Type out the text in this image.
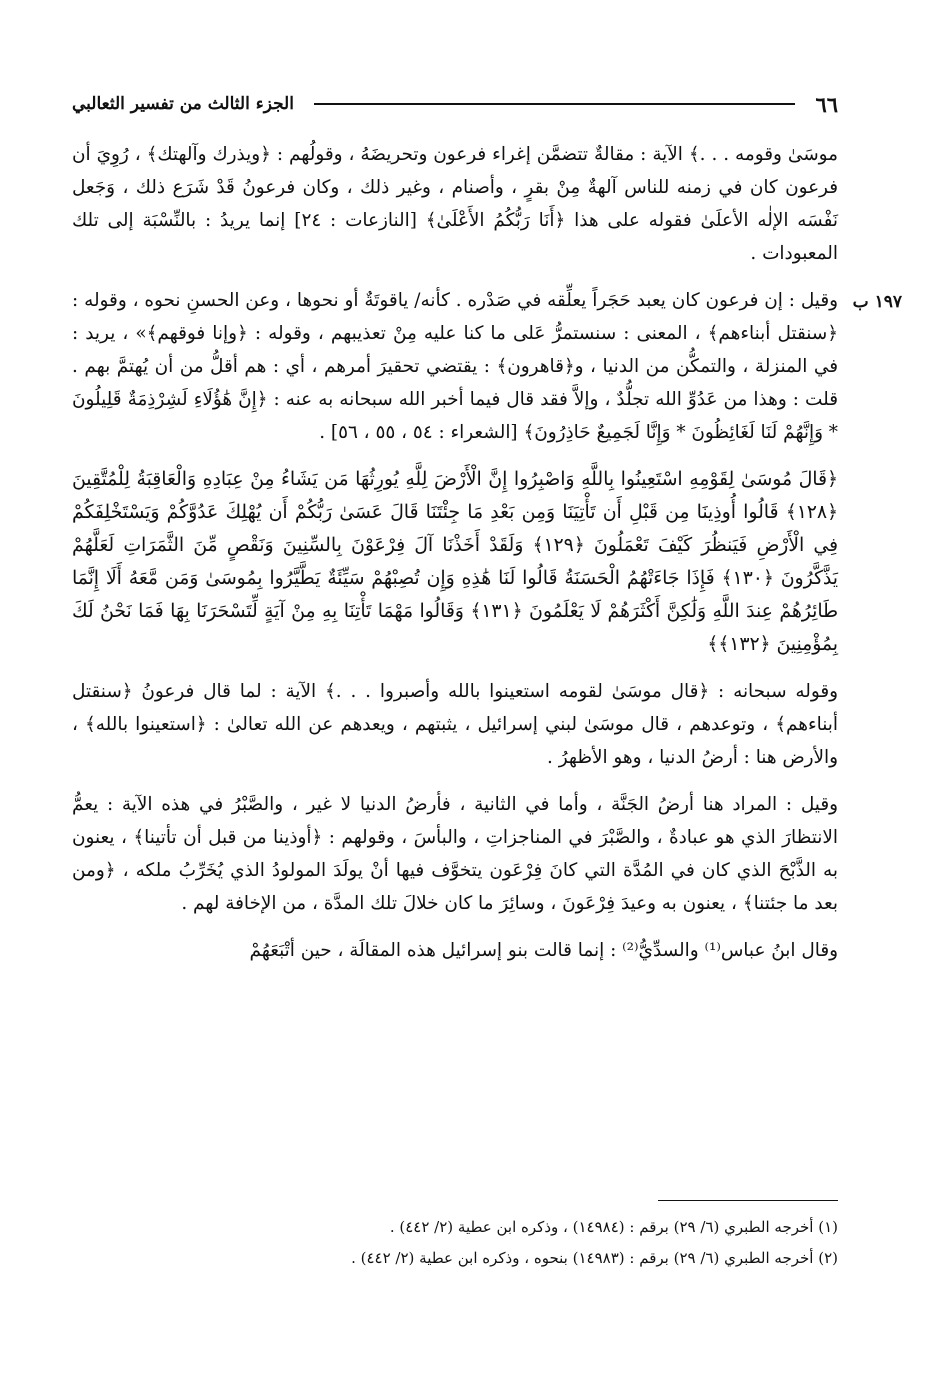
٦٦
الجزء الثالث من تفسير الثعالبي

موسَىٰ وقومه . . .﴾ الآية : مقالةٌ تتضمَّن إغراء فرعون وتحريضَهُ ، وقولُهم : ﴿ويذرك وآلهتك﴾ ، رُوِيَ أن فرعون كان في زمنه للناس آلهةٌ مِنْ بقرٍ ، وأصنام ، وغير ذلك ، وكان فرعونُ قَدْ شَرَع ذلك ، وَجَعل نَفْسَه الإلٰه الأعلَىٰ فقوله على هذا ﴿أَنَا رَبُّكُمُ الأَعْلَىٰ﴾ [النازعات : ٢٤] إنما يريدُ : بالنِّسْبَة إلى تلك المعبودات .

١٩٧ ب
وقيل : إن فرعون كان يعبد حَجَراً يعلِّقه في صَدْره . كأنه/ ياقوتَةٌ أو نحوها ، وعن الحسنِ نحوه ، وقوله : ﴿سنقتل أبناءهم﴾ ، المعنى : سنستمرُّ عَلى ما كنا عليه مِنْ تعذيبهم ، وقوله : ﴿وإنا فوقهم﴾» ، يريد : في المنزلة ، والتمكُّن من الدنيا ، و﴿قاهرون﴾ : يقتضي تحقيرَ أمرهم ، أي : هم أقلُّ من أن يُهتمَّ بهم . قلت : وهذا من عَدُوِّ الله تجلُّدٌ ، وإلاَّ فقد قال فيما أخبر الله سبحانه به عنه : ﴿إِنَّ هَٰؤُلَاءِ لَشِرْذِمَةٌ قَلِيلُونَ * وَإِنَّهُمْ لَنَا لَغَائِظُونَ * وَإِنَّا لَجَمِيعٌ حَاذِرُونَ﴾ [الشعراء : ٥٤ ، ٥٥ ، ٥٦] .

﴿قَالَ مُوسَىٰ لِقَوْمِهِ اسْتَعِينُوا بِاللَّهِ وَاصْبِرُوا إِنَّ الْأَرْضَ لِلَّهِ يُورِثُهَا مَن يَشَاءُ مِنْ عِبَادِهِ وَالْعَاقِبَةُ لِلْمُتَّقِينَ ﴿١٢٨﴾ قَالُوا أُوذِينَا مِن قَبْلِ أَن تَأْتِيَنَا وَمِن بَعْدِ مَا جِئْتَنَا قَالَ عَسَىٰ رَبُّكُمْ أَن يُهْلِكَ عَدُوَّكُمْ وَيَسْتَخْلِفَكُمْ فِي الْأَرْضِ فَيَنظُرَ كَيْفَ تَعْمَلُونَ ﴿١٢٩﴾ وَلَقَدْ أَخَذْنَا آلَ فِرْعَوْنَ بِالسِّنِينَ وَنَقْصٍ مِّنَ الثَّمَرَاتِ لَعَلَّهُمْ يَذَّكَّرُونَ ﴿١٣٠﴾ فَإِذَا جَاءَتْهُمُ الْحَسَنَةُ قَالُوا لَنَا هَٰذِهِ وَإِن تُصِبْهُمْ سَيِّئَةٌ يَطَّيَّرُوا بِمُوسَىٰ وَمَن مَّعَهُ أَلَا إِنَّمَا طَائِرُهُمْ عِندَ اللَّهِ وَلَٰكِنَّ أَكْثَرَهُمْ لَا يَعْلَمُونَ ﴿١٣١﴾ وَقَالُوا مَهْمَا تَأْتِنَا بِهِ مِنْ آيَةٍ لِّتَسْحَرَنَا بِهَا فَمَا نَحْنُ لَكَ بِمُؤْمِنِينَ ﴿١٣٢﴾﴾

وقوله سبحانه : ﴿قال موسَىٰ لقومه استعينوا بالله وأصبروا . . .﴾ الآية : لما قال فرعونُ ﴿سنقتل أبناءهم﴾ ، وتوعدهم ، قال موسَىٰ لبني إسرائيل ، يثبتهم ، ويعدهم عن الله تعالىٰ : ﴿استعينوا بالله﴾ ، والأرض هنا : أرضُ الدنيا ، وهو الأظهرُ .

وقيل : المراد هنا أرضُ الجَنَّة ، وأما في الثانية ، فأرضُ الدنيا لا غير ، والصَّبْرُ في هذه الآية : يعمُّ الانتظارَ الذي هو عبادةٌ ، والصَّبْرَ في المناجزاتِ ، والبأسَ ، وقولهم : ﴿أوذينا من قبل أن تأتينا﴾ ، يعنون به الذَّبْحَ الذي كان في المُدَّة التي كانَ فِرْعَون يتخوَّف فيها أنْ يولَدَ المولودُ الذي يُخَرِّبُ ملكه ، ﴿ومن بعد ما جئتنا﴾ ، يعنون به وعيدَ فِرْعَونَ ، وسائِرَ ما كان خلالَ تلك المدَّة ، من الإخافة لهم .

وقال ابنُ عباس⁽¹⁾ والسدِّيُّ⁽²⁾ : إنما قالت بنو إسرائيل هذه المقالَة ، حين أتْبَعَهُمْ

(١) أخرجه الطبري (٦/ ٢٩) برقم : (١٤٩٨٤) ، وذكره ابن عطية (٢/ ٤٤٢) .
(٢) أخرجه الطبري (٦/ ٢٩) برقم : (١٤٩٨٣) بنحوه ، وذكره ابن عطية (٢/ ٤٤٢) .
